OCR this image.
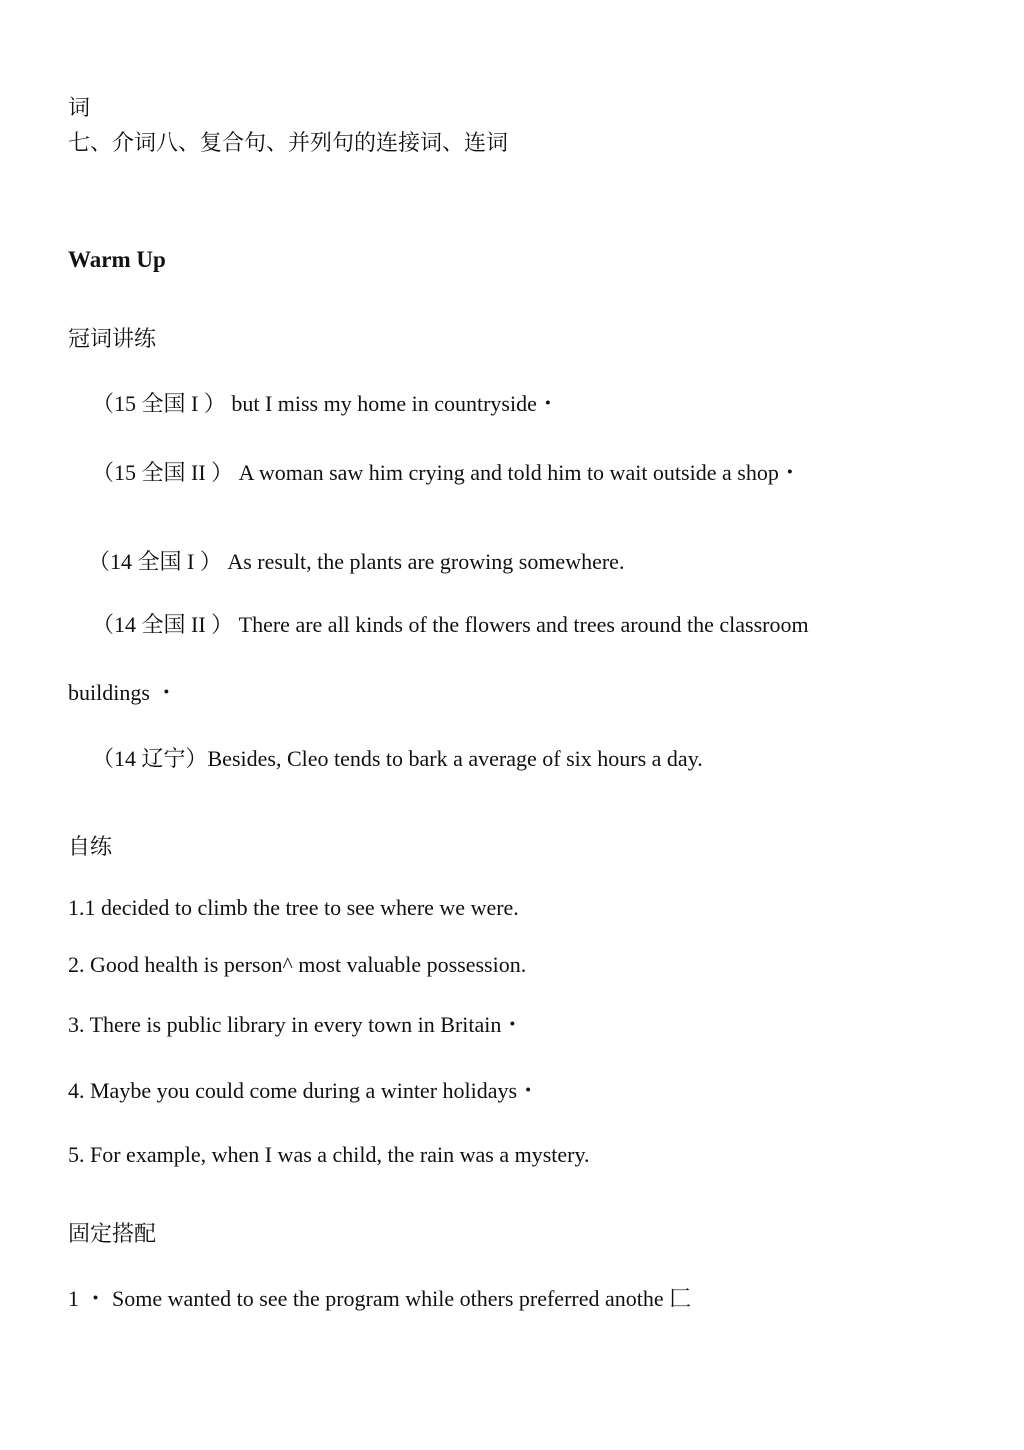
词
七、介词八、复合句、并列句的连接词、连词
Warm Up
冠词讲练
（15 全国 I ） but I miss my home in countryside・
（15 全国 II ） A woman saw him crying and told him to wait outside a shop・
（14 全国 I ） As result, the plants are growing somewhere.
（14 全国 II ） There are all kinds of the flowers and trees around the classroom
buildings ・
（14 辽宁）Besides, Cleo tends to bark a average of six hours a day.
自练
1.1 decided to climb the tree to see where we were.
2. Good health is person^ most valuable possession.
3. There is public library in every town in Britain・
4. Maybe you could come during a winter holidays・
5. For example, when I was a child, the rain was a mystery.
固定搭配
1 ・ Some wanted to see the program while others preferred anothe 匚
